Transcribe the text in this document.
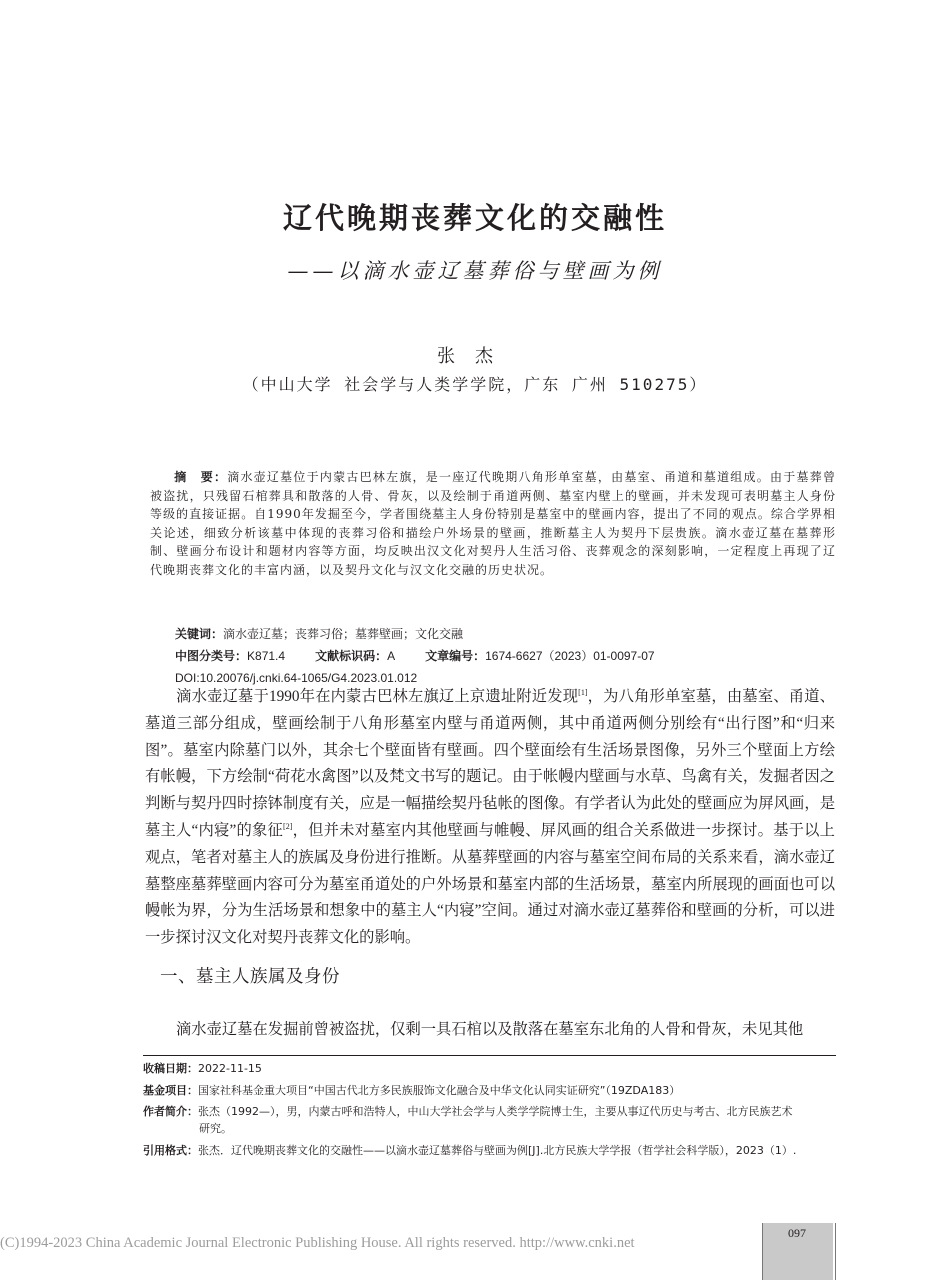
辽代晚期丧葬文化的交融性
——以滴水壶辽墓葬俗与壁画为例
张杰
（中山大学 社会学与人类学学院，广东 广州 510275）
摘　要：滴水壶辽墓位于内蒙古巴林左旗，是一座辽代晚期八角形单室墓，由墓室、甬道和墓道组成。由于墓葬曾被盗扰，只残留石棺葬具和散落的人骨、骨灰，以及绘制于甬道两侧、墓室内壁上的壁画，并未发现可表明墓主人身份等级的直接证据。自1990年发掘至今，学者围绕墓主人身份特别是墓室中的壁画内容，提出了不同的观点。综合学界相关论述，细致分析该墓中体现的丧葬习俗和描绘户外场景的壁画，推断墓主人为契丹下层贵族。滴水壶辽墓在墓葬形制、壁画分布设计和题材内容等方面，均反映出汉文化对契丹人生活习俗、丧葬观念的深刻影响，一定程度上再现了辽代晚期丧葬文化的丰富内涵，以及契丹文化与汉文化交融的历史状况。
关键词：滴水壶辽墓；丧葬习俗；墓葬壁画；文化交融
中图分类号：K871.4	文献标识码：A	文章编号：1674-6627（2023）01-0097-07
DOI:10.20076/j.cnki.64-1065/G4.2023.01.012
滴水壶辽墓于1990年在内蒙古巴林左旗辽上京遗址附近发现[1]，为八角形单室墓，由墓室、甬道、墓道三部分组成，壁画绘制于八角形墓室内壁与甬道两侧，其中甬道两侧分别绘有“出行图”和“归来图”。墓室内除墓门以外，其余七个壁面皆有壁画。四个壁面绘有生活场景图像，另外三个壁面上方绘有帐幔，下方绘制“荷花水禽图”以及梵文书写的题记。由于帐幔内壁画与水草、鸟禽有关，发掘者因之判断与契丹四时捺钵制度有关，应是一幅描绘契丹毡帐的图像。有学者认为此处的壁画应为屏风画，是墓主人“内寝”的象征[2]，但并未对墓室内其他壁画与帷幔、屏风画的组合关系做进一步探讨。基于以上观点，笔者对墓主人的族属及身份进行推断。从墓葬壁画的内容与墓室空间布局的关系来看，滴水壶辽墓整座墓葬壁画内容可分为墓室甬道处的户外场景和墓室内部的生活场景，墓室内所展现的画面也可以幔帐为界，分为生活场景和想象中的墓主人“内寝”空间。通过对滴水壶辽墓葬俗和壁画的分析，可以进一步探讨汉文化对契丹丧葬文化的影响。
一、墓主人族属及身份
滴水壶辽墓在发掘前曾被盗扰，仅剩一具石棺以及散落在墓室东北角的人骨和骨灰，未见其他
收稿日期：2022-11-15
基金项目：国家社科基金重大项目“中国古代北方多民族服饰文化融合及中华文化认同实证研究”（19ZDA183）
作者简介：张杰（1992—），男，内蒙古呼和浩特人，中山大学社会学与人类学学院博士生，主要从事辽代历史与考古、北方民族艺术
研究。
引用格式：张杰．辽代晚期丧葬文化的交融性——以滴水壶辽墓葬俗与壁画为例[J].北方民族大学学报（哲学社会科学版），2023（1）.
(C)1994-2023 China Academic Journal Electronic Publishing House. All rights reserved. http://www.cnki.net
097
